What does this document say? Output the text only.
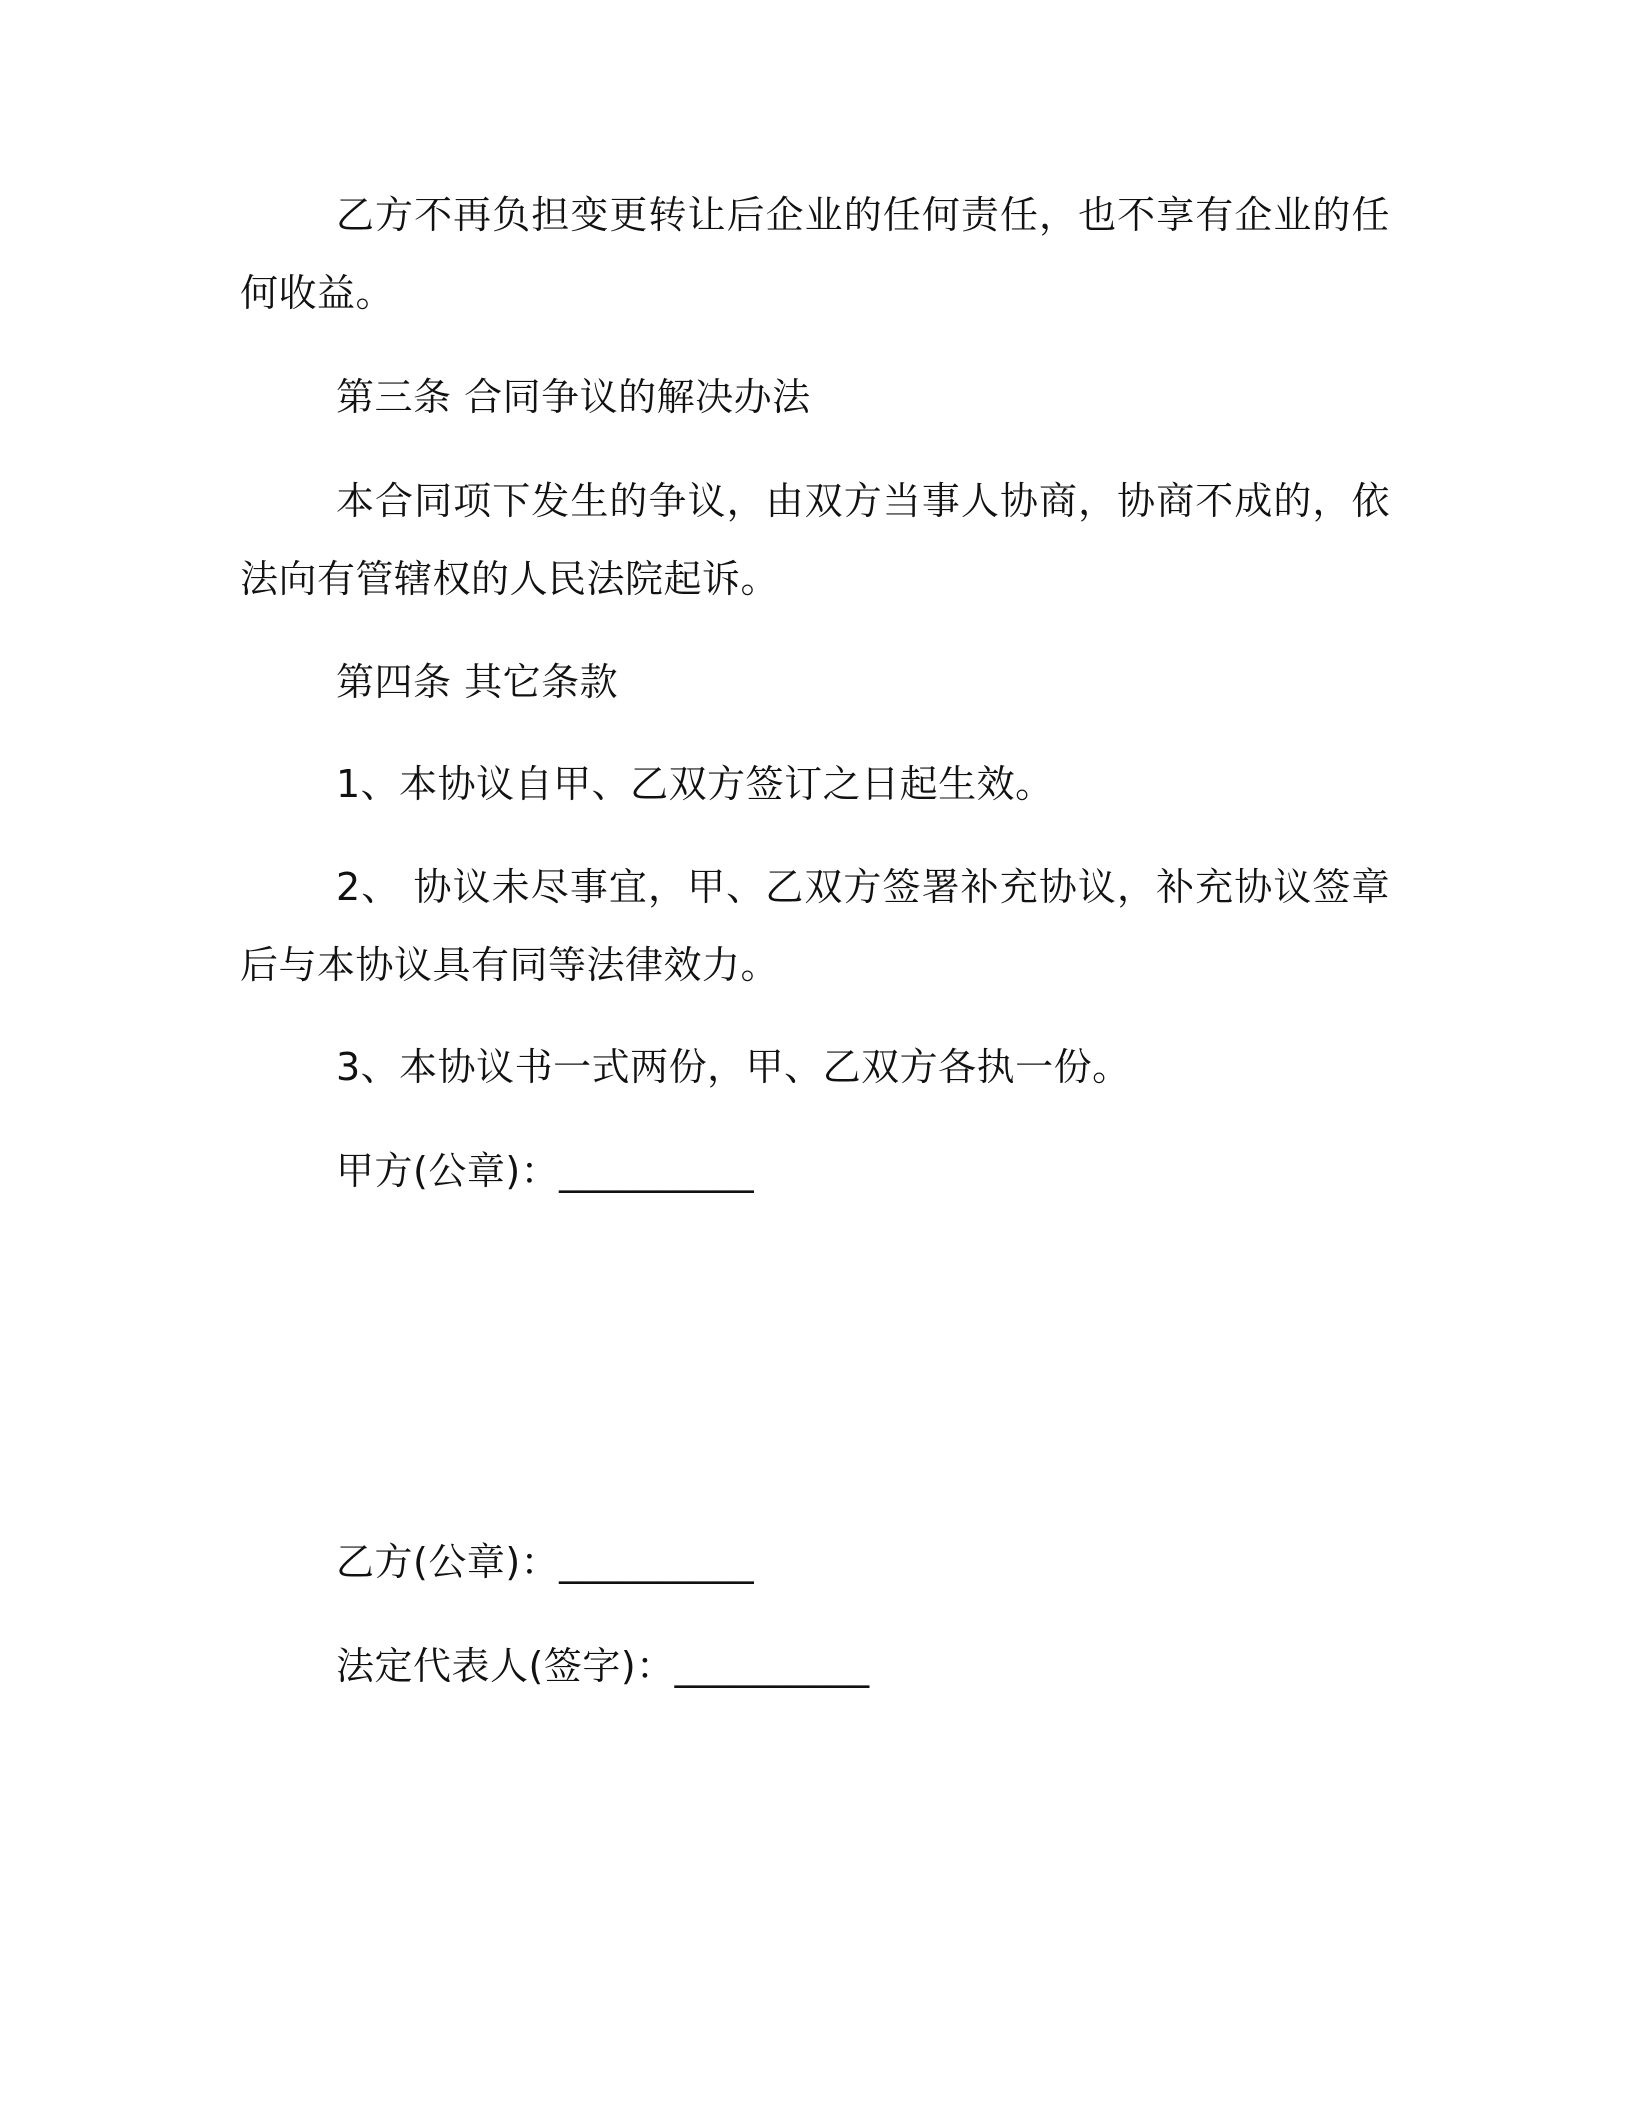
乙方不再负担变更转让后企业的任何责任，也不享有企业的任何收益。

第三条 合同争议的解决办法

本合同项下发生的争议，由双方当事人协商，协商不成的，依法向有管辖权的人民法院起诉。

第四条 其它条款

1、本协议自甲、乙双方签订之日起生效。

2、 协议未尽事宜，甲、乙双方签署补充协议，补充协议签章后与本协议具有同等法律效力。

3、本协议书一式两份，甲、乙双方各执一份。

甲方(公章)：__________

乙方(公章)：__________

法定代表人(签字)：__________
